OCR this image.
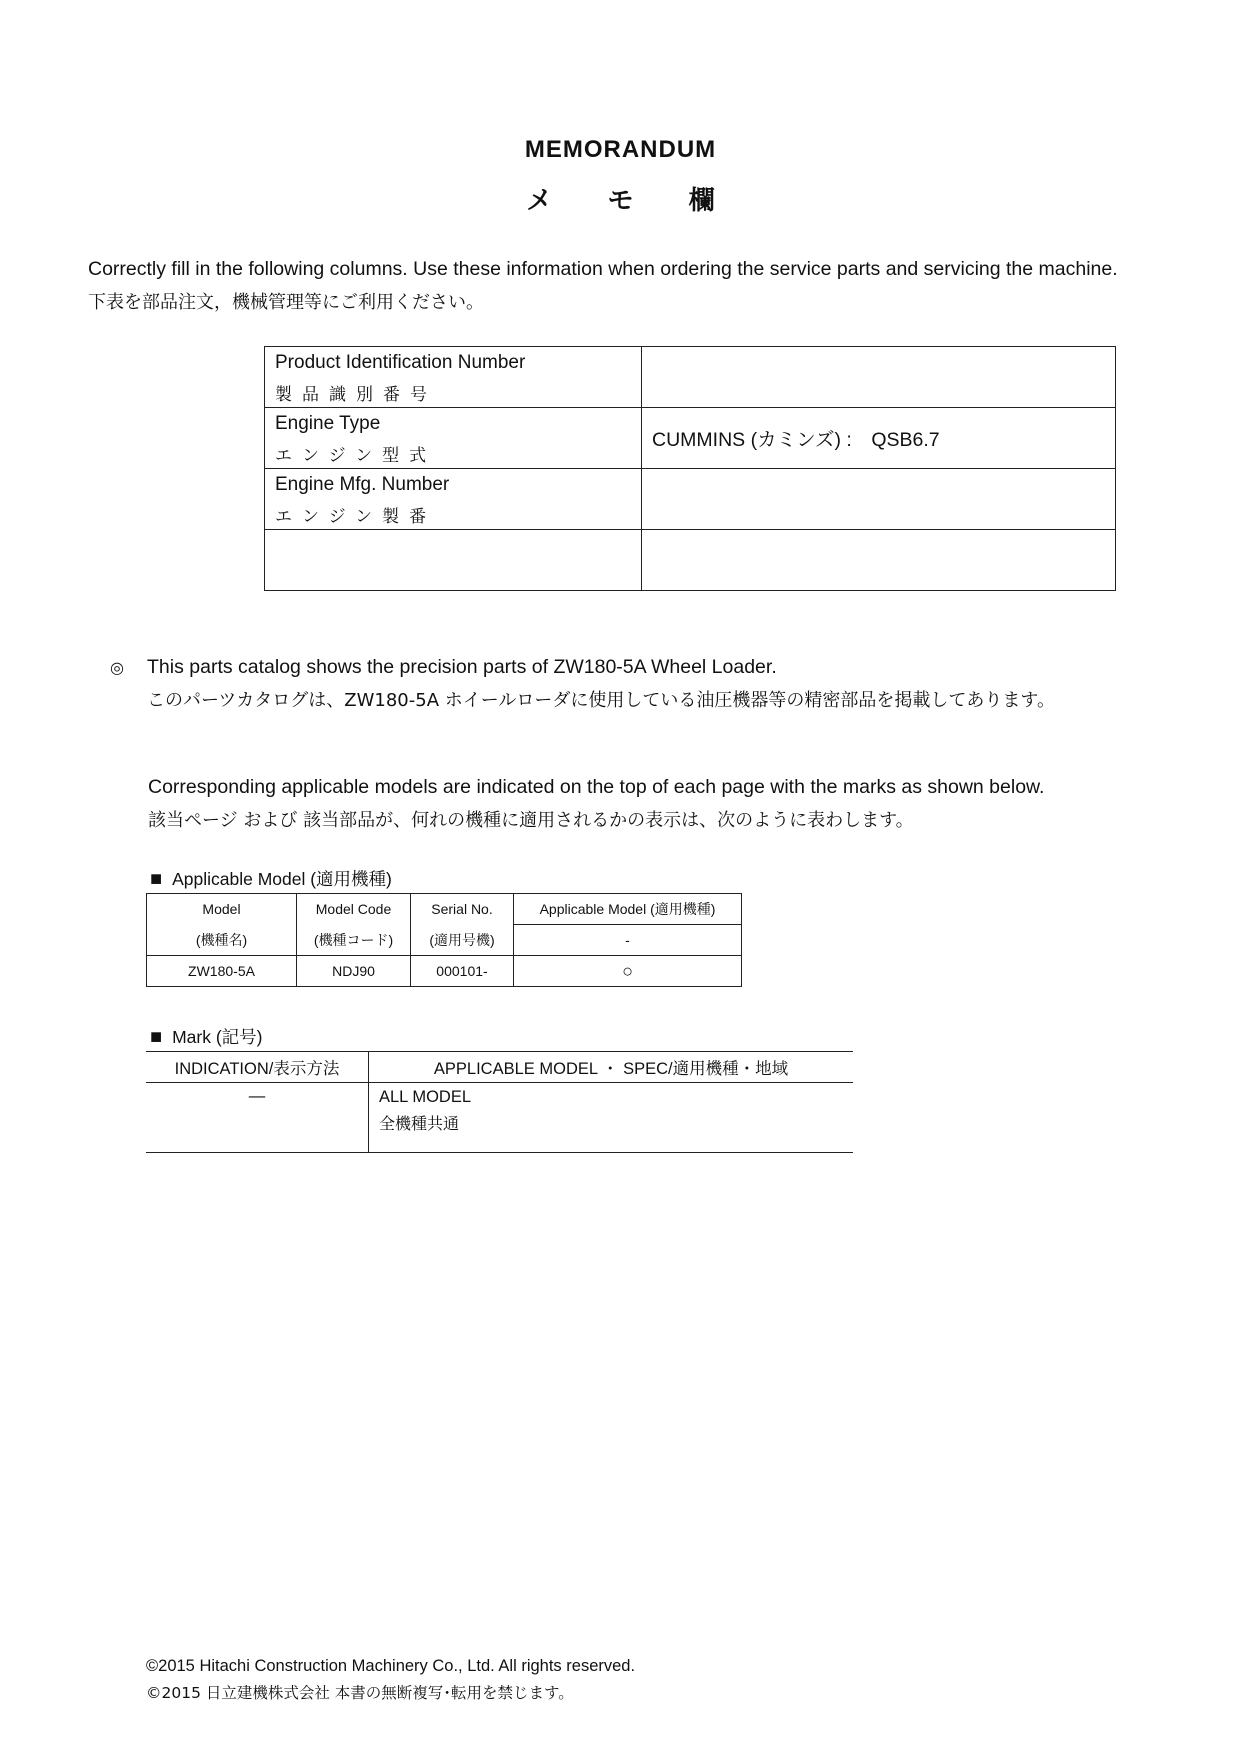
MEMORANDUM
メ モ 欄
Correctly fill in the following columns. Use these information when ordering the service parts and servicing the machine.
下表を部品注文，機械管理等にご利用ください。
Product Identification Number
製品識別番号	

Engine Type
エンジン型式	CUMMINS (カミンズ) :　QSB6.7

Engine Mfg. Number
エンジン製番	

◎ This parts catalog shows the precision parts of ZW180-5A Wheel Loader.
このパーツカタログは、ZW180-5A ホイールローダに使用している油圧機器等の精密部品を掲載してあります。
Corresponding applicable models are indicated on the top of each page with the marks as shown below.
該当ページ および 該当部品が、何れの機種に適用されるかの表示は、次のように表わします。
■ Applicable Model (適用機種)
Model	Model Code	Serial No.	Applicable Model (適用機種)
(機種名)	(機種コード)	(適用号機)	-
ZW180-5A	NDJ90	000101-	○
■ Mark (記号)
INDICATION/表示方法	APPLICABLE MODEL ・ SPEC/適用機種・地域
—	ALL MODEL
全機種共通
©2015 Hitachi Construction Machinery Co., Ltd. All rights reserved.
©2015 日立建機株式会社 本書の無断複写･転用を禁じます。
